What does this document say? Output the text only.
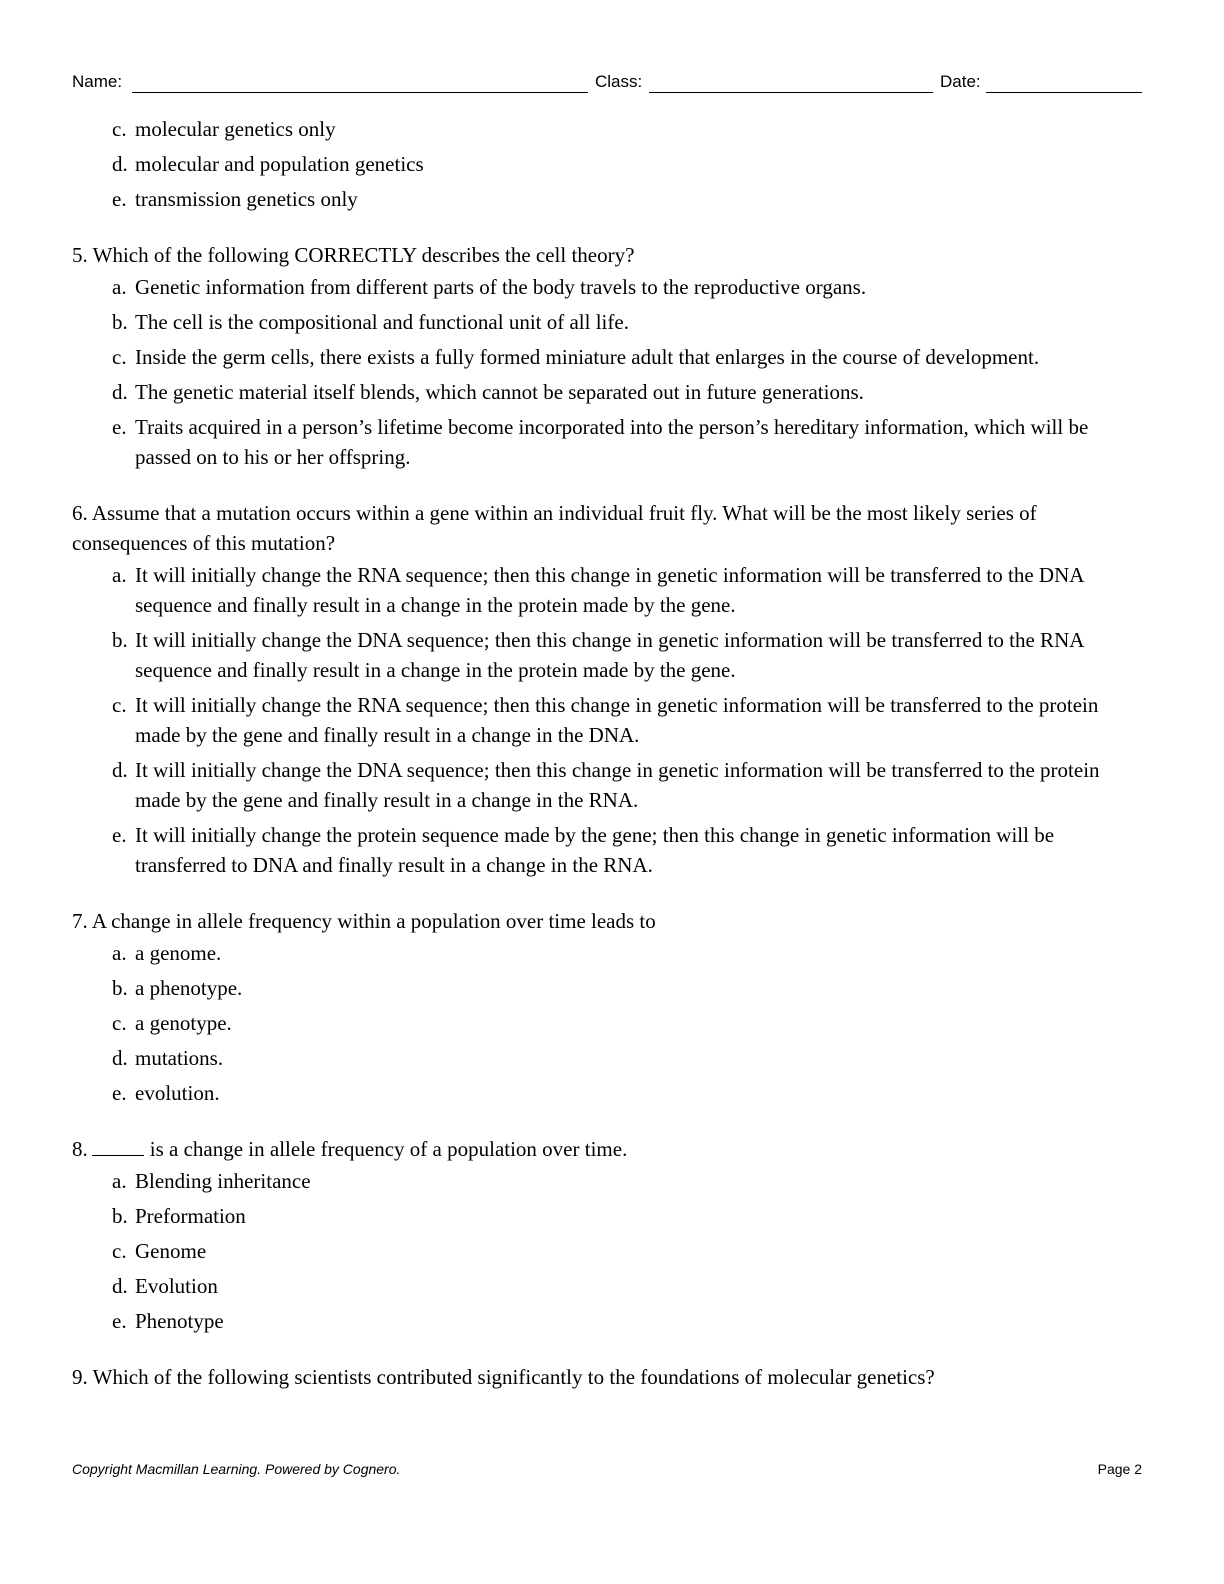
Name:	Class:	Date:
c. molecular genetics only
d. molecular and population genetics
e. transmission genetics only

5. Which of the following CORRECTLY describes the cell theory?

a. Genetic information from different parts of the body travels to the reproductive organs.
b. The cell is the compositional and functional unit of all life.
c. Inside the germ cells, there exists a fully formed miniature adult that enlarges in the course of development.
d. The genetic material itself blends, which cannot be separated out in future generations.
e. Traits acquired in a person’s lifetime become incorporated into the person’s hereditary information, which will be passed on to his or her offspring.

6. Assume that a mutation occurs within a gene within an individual fruit fly. What will be the most likely series of consequences of this mutation?

a. It will initially change the RNA sequence; then this change in genetic information will be transferred to the DNA sequence and finally result in a change in the protein made by the gene.
b. It will initially change the DNA sequence; then this change in genetic information will be transferred to the RNA sequence and finally result in a change in the protein made by the gene.
c. It will initially change the RNA sequence; then this change in genetic information will be transferred to the protein made by the gene and finally result in a change in the DNA.
d. It will initially change the DNA sequence; then this change in genetic information will be transferred to the protein made by the gene and finally result in a change in the RNA.
e. It will initially change the protein sequence made by the gene; then this change in genetic information will be transferred to DNA and finally result in a change in the RNA.

7. A change in allele frequency within a population over time leads to

a. a genome.
b. a phenotype.
c. a genotype.
d. mutations.
e. evolution.

8.	is a change in allele frequency of a population over time.

a. Blending inheritance
b. Preformation
c. Genome
d. Evolution
e. Phenotype

9. Which of the following scientists contributed significantly to the foundations of molecular genetics?

Copyright Macmillan Learning. Powered by Cognero.	Page 2
